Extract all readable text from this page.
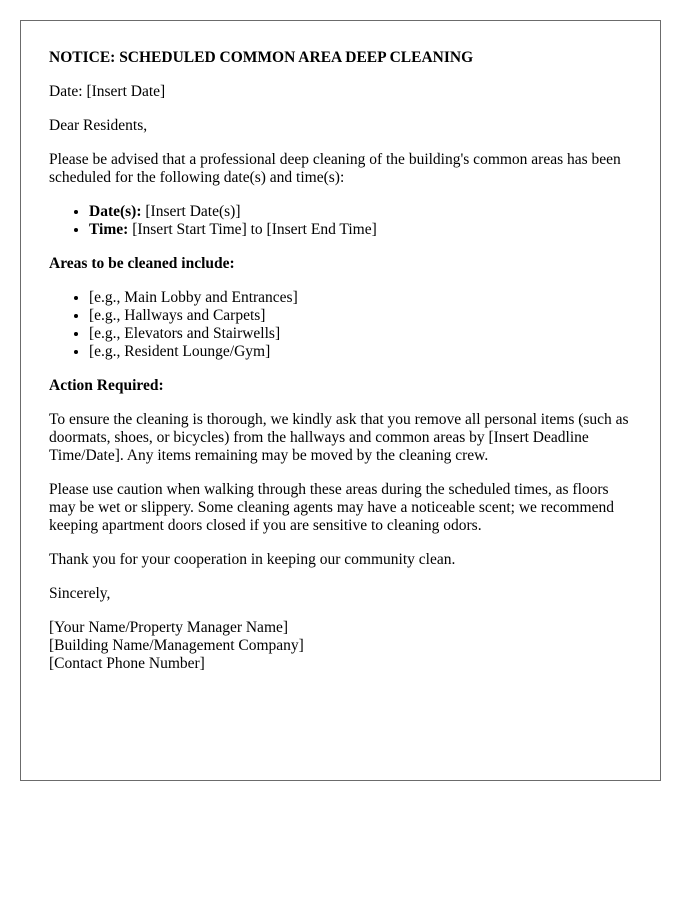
NOTICE: SCHEDULED COMMON AREA DEEP CLEANING

Date: [Insert Date]

Dear Residents,

Please be advised that a professional deep cleaning of the building's common areas has been scheduled for the following date(s) and time(s):

• Date(s): [Insert Date(s)]
• Time: [Insert Start Time] to [Insert End Time]
Areas to be cleaned include:
• [e.g., Main Lobby and Entrances]
• [e.g., Hallways and Carpets]
• [e.g., Elevators and Stairwells]
• [e.g., Resident Lounge/Gym]
Action Required:

To ensure the cleaning is thorough, we kindly ask that you remove all personal items (such as doormats, shoes, or bicycles) from the hallways and common areas by [Insert Deadline Time/Date]. Any items remaining may be moved by the cleaning crew.

Please use caution when walking through these areas during the scheduled times, as floors may be wet or slippery. Some cleaning agents may have a noticeable scent; we recommend keeping apartment doors closed if you are sensitive to cleaning odors.

Thank you for your cooperation in keeping our community clean.

Sincerely,

[Your Name/Property Manager Name]

[Building Name/Management Company]

[Contact Phone Number]
